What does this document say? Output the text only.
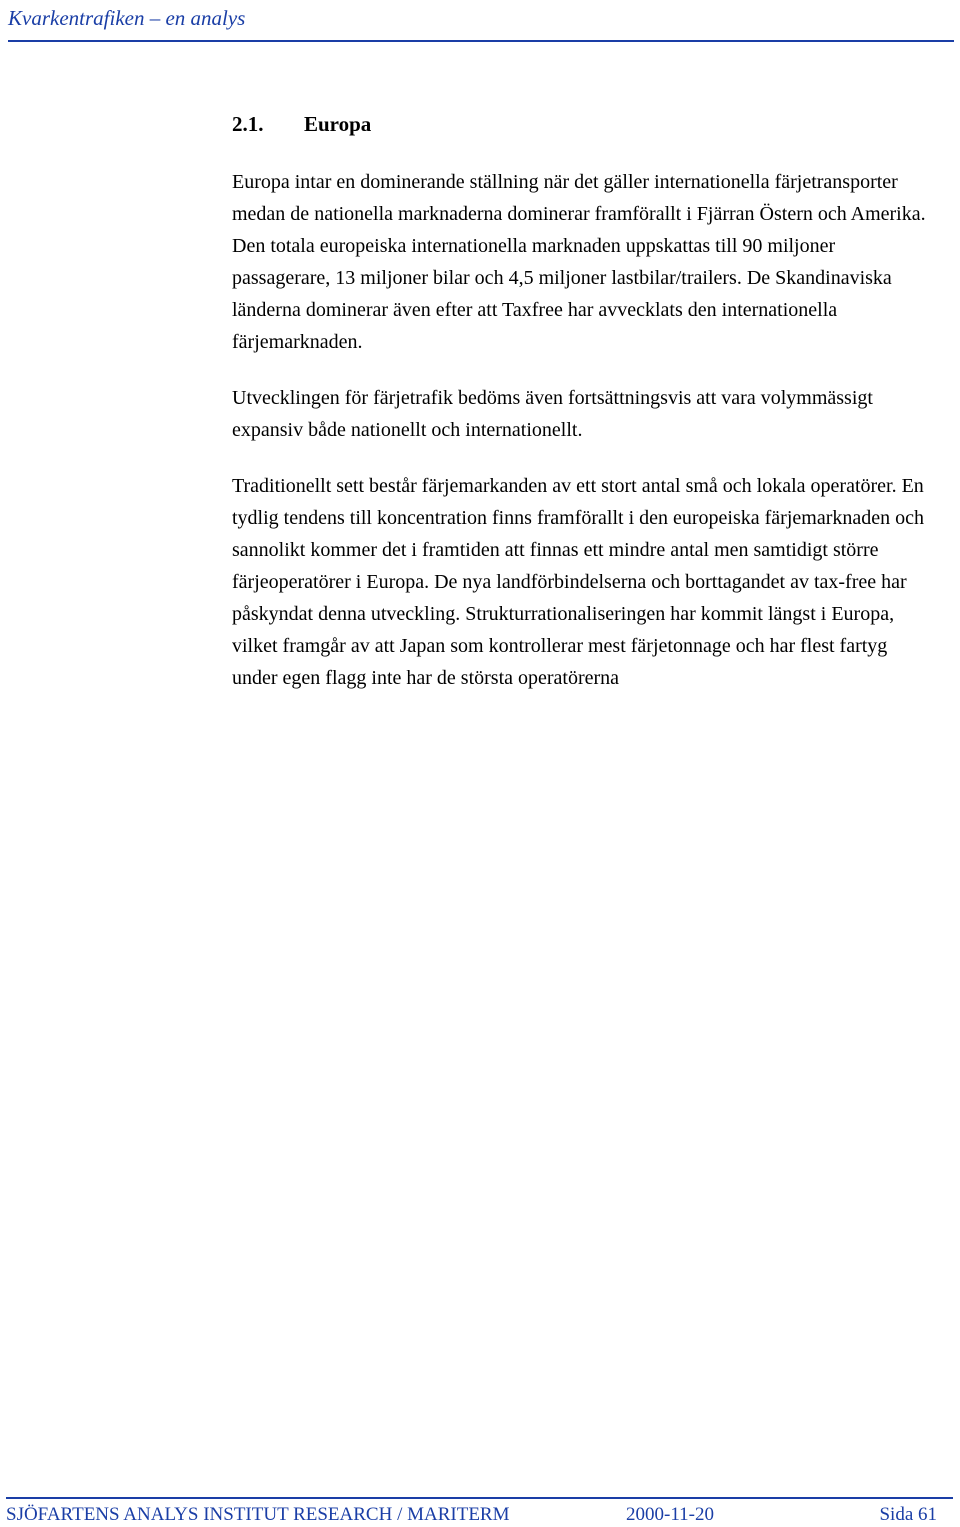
Kvarkentrafiken – en analys
2.1. Europa

Europa intar en dominerande ställning när det gäller internationella färjetransporter medan de nationella marknaderna dominerar framförallt i Fjärran Östern och Amerika. Den totala europeiska internationella marknaden uppskattas till 90 miljoner passagerare, 13 miljoner bilar och 4,5 miljoner lastbilar/trailers. De Skandinaviska länderna dominerar även efter att Taxfree har avvecklats den internationella färjemarknaden.

Utvecklingen för färjetrafik bedöms även fortsättningsvis att vara volymmässigt expansiv både nationellt och internationellt.

Traditionellt sett består färjemarkanden av ett stort antal små och lokala operatörer. En tydlig tendens till koncentration finns framförallt i den europeiska färjemarknaden och sannolikt kommer det i framtiden att finnas ett mindre antal men samtidigt större färjeoperatörer i Europa. De nya landförbindelserna och borttagandet av tax-free har påskyndat denna utveckling. Strukturrationaliseringen har kommit längst i Europa, vilket framgår av att Japan som kontrollerar mest färjetonnage och har flest fartyg under egen flagg inte har de största operatörerna

SJÖFARTENS ANALYS INSTITUT RESEARCH / MARITERM	2000-11-20	Sida 61
